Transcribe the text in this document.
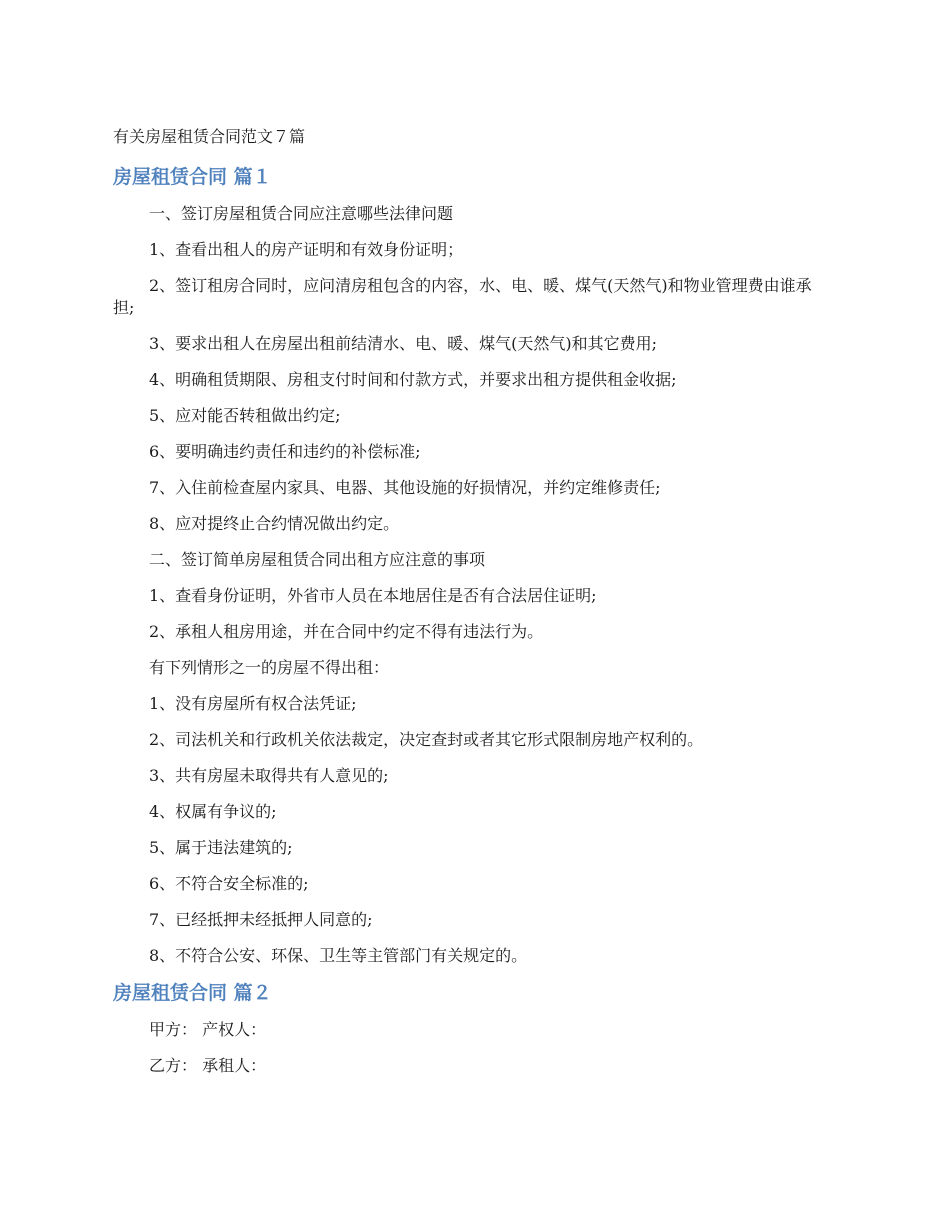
有关房屋租赁合同范文７篇
房屋租赁合同 篇１
一、签订房屋租赁合同应注意哪些法律问题
1、查看出租人的房产证明和有效身份证明；
2、签订租房合同时，应问清房租包含的内容，水、电、暖、煤气(天然气)和物业管理费由谁承担;
3、要求出租人在房屋出租前结清水、电、暖、煤气(天然气)和其它费用;
4、明确租赁期限、房租支付时间和付款方式，并要求出租方提供租金收据;
5、应对能否转租做出约定;
6、要明确违约责任和违约的补偿标准;
7、入住前检查屋内家具、电器、其他设施的好损情况，并约定维修责任;
8、应对提终止合约情况做出约定。
二、签订简单房屋租赁合同出租方应注意的事项
1、查看身份证明，外省市人员在本地居住是否有合法居住证明;
2、承租人租房用途，并在合同中约定不得有违法行为。
有下列情形之一的房屋不得出租：
1、没有房屋所有权合法凭证;
2、司法机关和行政机关依法裁定，决定查封或者其它形式限制房地产权利的。
3、共有房屋未取得共有人意见的;
4、权属有争议的;
5、属于违法建筑的;
6、不符合安全标准的;
7、已经抵押未经抵押人同意的;
8、不符合公安、环保、卫生等主管部门有关规定的。
房屋租赁合同 篇２
甲方： 产权人：
乙方： 承租人：
